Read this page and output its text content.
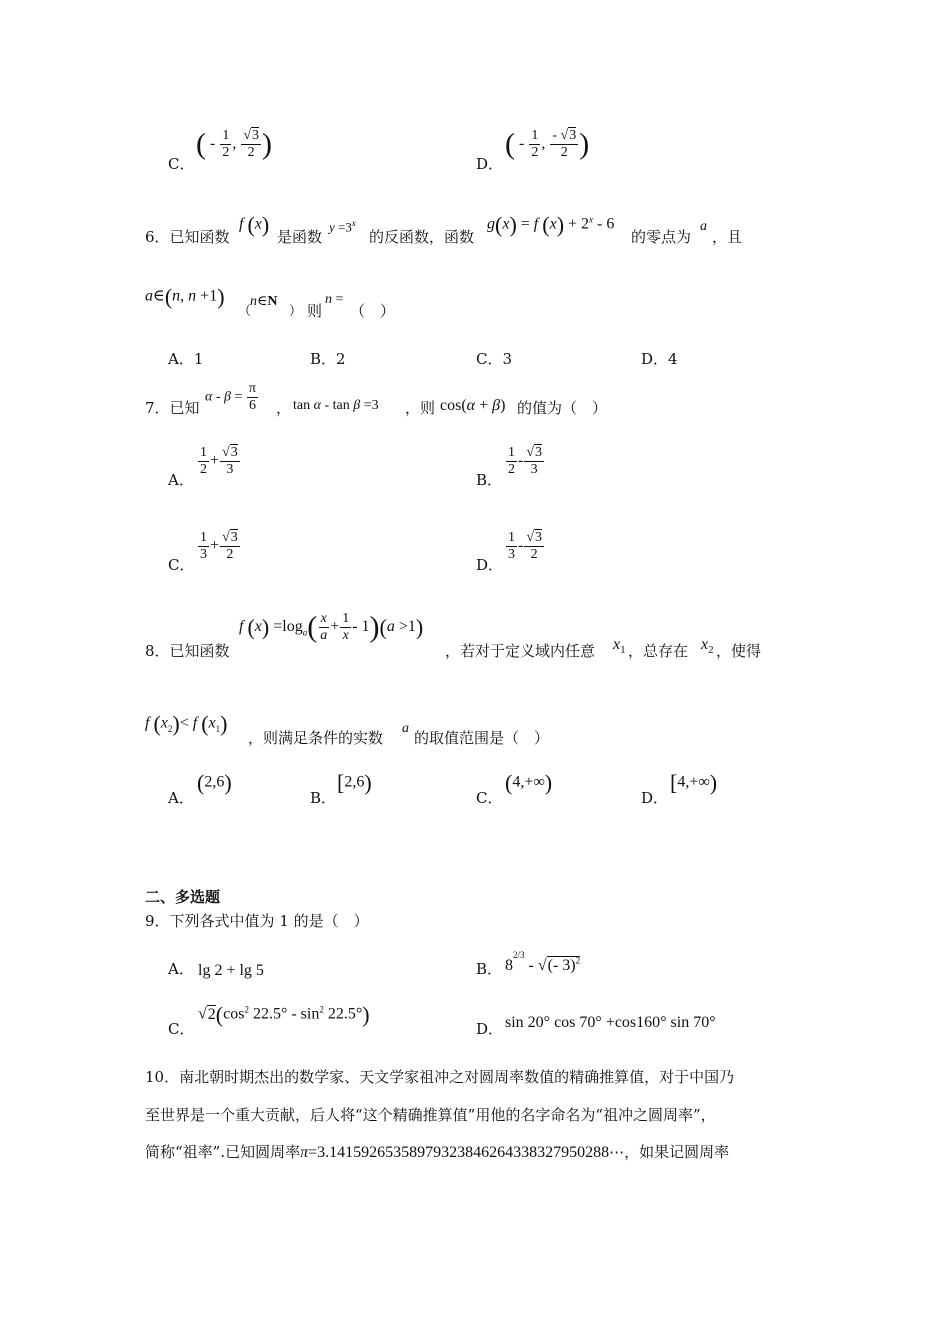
C．
( - $\frac{1}{2}$ , $\frac{√3}{2}$ )
D．
( - $\frac{1}{2}$ , $\frac{- √3}{2}$ )
6．已知函数
f (x) 是函数
$y =3^x$
的反函数，函数
g(x) = f $(x) + 2^x - 6$
的零点为
a
，且
a∈(n, n +1)
（
n∈N
） 则
n =
（　）
A．1	B．2	C．3	D．4
7．已知
$\alpha - \beta = \frac{\pi}{6}$ ， tan α - tan β =3 ，则 cos(α + β) 的值为（　）
A．
$\frac{1}{2} + \frac{√3}{3}$
B．
$\frac{1}{2} - \frac{√3}{3}$
C．
$\frac{1}{3} + \frac{√3}{2}$
D．
$\frac{1}{3} - \frac{√3}{2}$
8．已知函数
f $(x) =\log_a( \frac{x}{a} + \frac{1}{x} - 1)(a >1)$
，若对于定义域内任意 $x_1$ ，总存在 $x_2$ ，使得
f $(x_2)< f$ $(x_1)$
，则满足条件的实数
a
的取值范围是（　）
A．
(2,6)
B．
[2,6)
C．
(4,+∞)
D．
[4,+∞)
二、多选题
9．下列各式中值为 1 的是（　）
A． lg 2 + lg 5	B． $8^{2/3}$ - √(- 3)$^2$
C．
$√2(\cos^2$ $22.5^\circ - \sin^2 22.5^\circ$)
D． sin 20° cos 70° +cos160° sin 70°
10．南北朝时期杰出的数学家、天文学家祖冲之对圆周率数值的精确推算值，对于中国乃
至世界是一个重大贡献，后人将“这个精确推算值”用他的名字命名为“祖冲之圆周率”，
简称“祖率”.已知圆周率π=3.14159265358979323846264338327950288⋯，如果记圆周率
